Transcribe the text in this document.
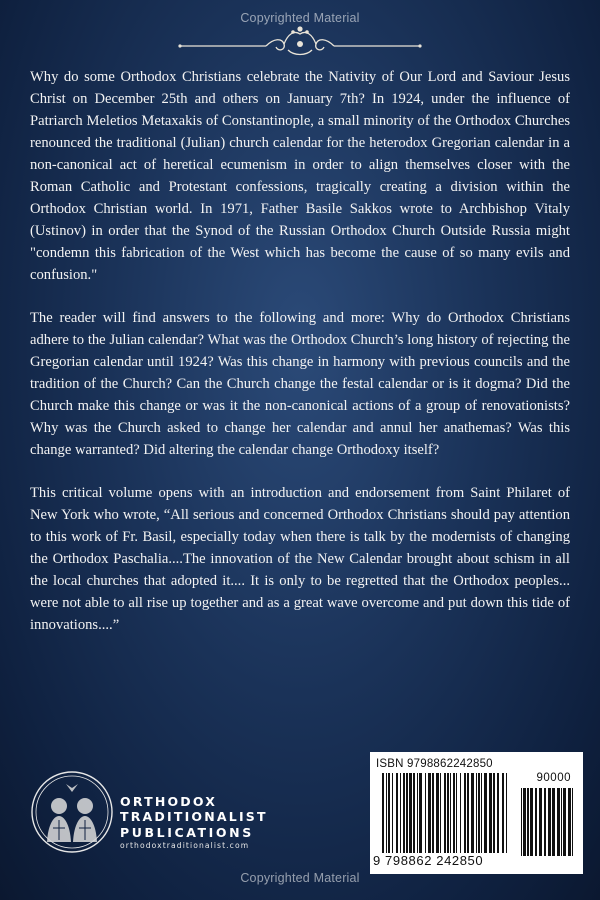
Copyrighted Material

Why do some Orthodox Christians celebrate the Nativity of Our Lord and Saviour Jesus Christ on December 25th and others on January 7th? In 1924, under the influence of Patriarch Meletios Metaxakis of Constantinople, a small minority of the Orthodox Churches renounced the traditional (Julian) church calendar for the heterodox Gregorian calendar in a non-canonical act of heretical ecumenism in order to align themselves closer with the Roman Catholic and Protestant confessions, tragically creating a division within the Orthodox Christian world. In 1971, Father Basile Sakkos wrote to Archbishop Vitaly (Ustinov) in order that the Synod of the Russian Orthodox Church Outside Russia might "condemn this fabrication of the West which has become the cause of so many evils and confusion."

The reader will find answers to the following and more: Why do Orthodox Christians adhere to the Julian calendar? What was the Orthodox Church’s long history of rejecting the Gregorian calendar until 1924? Was this change in harmony with previous councils and the tradition of the Church? Can the Church change the festal calendar or is it dogma? Did the Church make this change or was it the non-canonical actions of a group of renovationists? Why was the Church asked to change her calendar and annul her anathemas? Was this change warranted? Did altering the calendar change Orthodoxy itself?

This critical volume opens with an introduction and endorsement from Saint Philaret of New York who wrote, “All serious and concerned Orthodox Christians should pay attention to this work of Fr. Basil, especially today when there is talk by the modernists of changing the Orthodox Paschalia....The innovation of the New Calendar brought about schism in all the local churches that adopted it.... It is only to be regretted that the Orthodox peoples... were not able to all rise up together and as a great wave overcome and put down this tide of innovations....”

ORTHODOX TRADITIONALIST
PUBLICATIONS
orthodoxtraditionalist.com
ISBN 9798862242850
90000
9 798862 242850
Copyrighted Material
